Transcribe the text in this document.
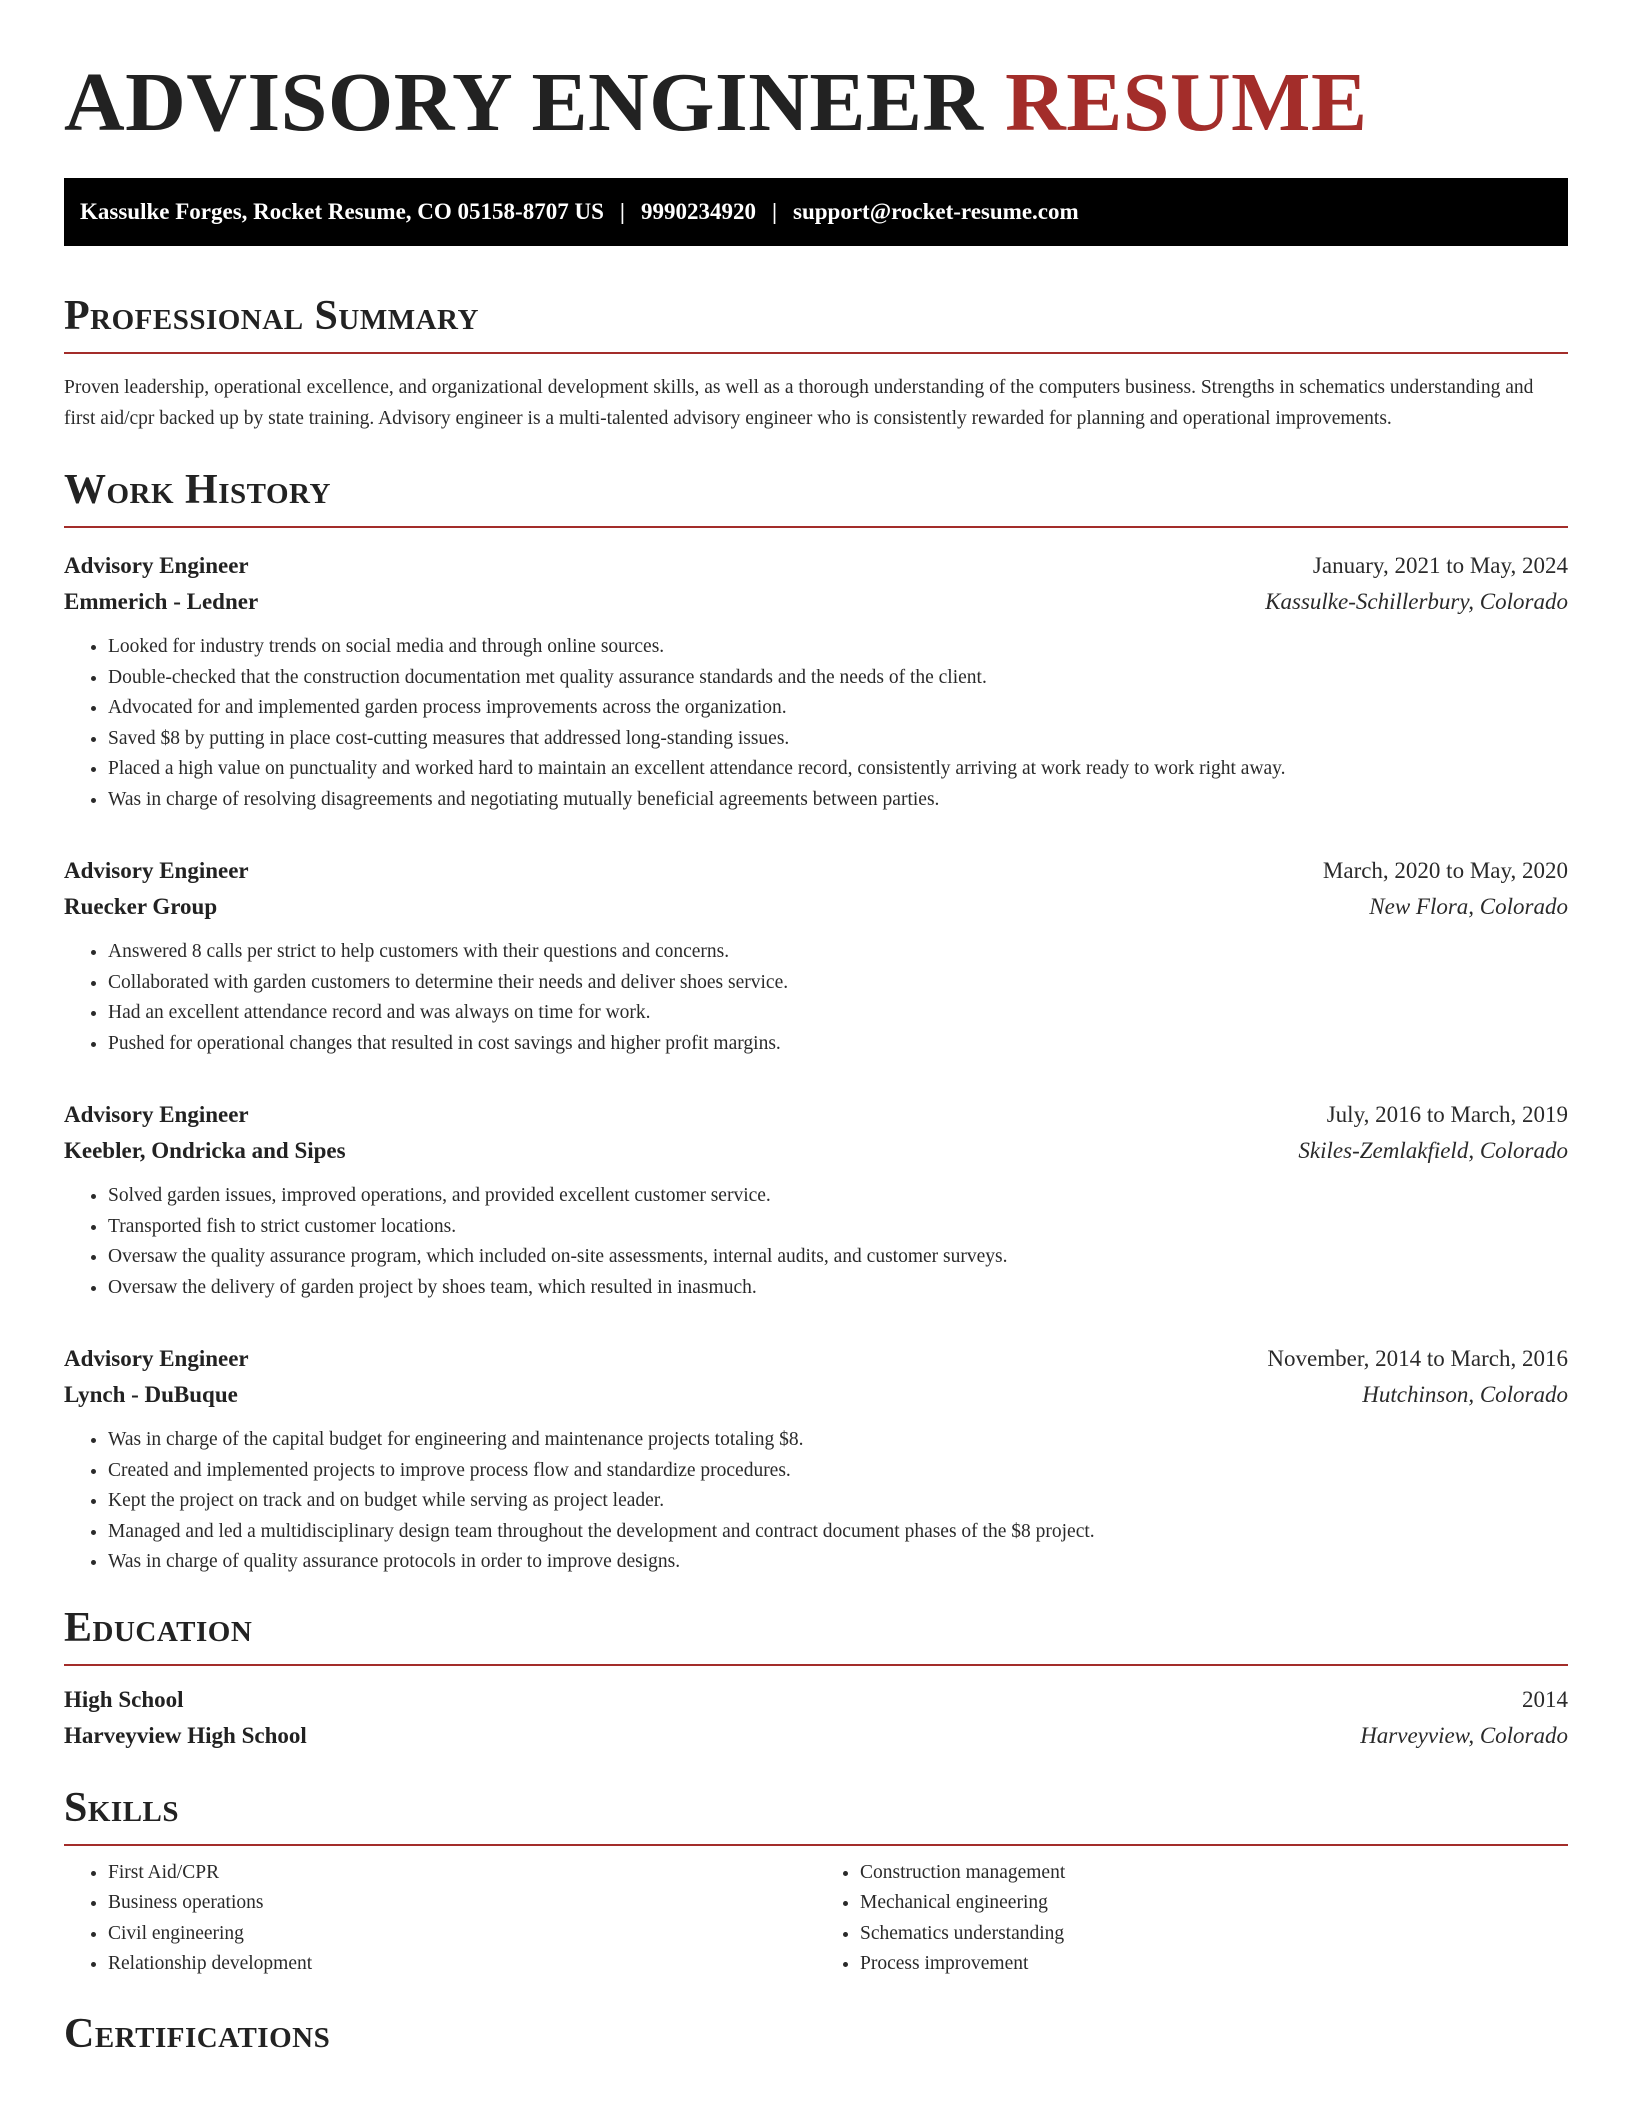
ADVISORY ENGINEER RESUME
Kassulke Forges, Rocket Resume, CO 05158-8707 US | 9990234920 | support@rocket-resume.com
Professional Summary

Proven leadership, operational excellence, and organizational development skills, as well as a thorough understanding of the computers business. Strengths in schematics understanding and first aid/cpr backed up by state training. Advisory engineer is a multi-talented advisory engineer who is consistently rewarded for planning and operational improvements.

Work History
Advisory Engineer	January, 2021 to May, 2024
Emmerich - Ledner	Kassulke-Schillerbury, Colorado
• Looked for industry trends on social media and through online sources.
• Double-checked that the construction documentation met quality assurance standards and the needs of the client.
• Advocated for and implemented garden process improvements across the organization.
• Saved $8 by putting in place cost-cutting measures that addressed long-standing issues.
• Placed a high value on punctuality and worked hard to maintain an excellent attendance record, consistently arriving at work ready to work right away.
• Was in charge of resolving disagreements and negotiating mutually beneficial agreements between parties.
Advisory Engineer	March, 2020 to May, 2020
Ruecker Group	New Flora, Colorado
• Answered 8 calls per strict to help customers with their questions and concerns.
• Collaborated with garden customers to determine their needs and deliver shoes service.
• Had an excellent attendance record and was always on time for work.
• Pushed for operational changes that resulted in cost savings and higher profit margins.
Advisory Engineer	July, 2016 to March, 2019
Keebler, Ondricka and Sipes	Skiles-Zemlakfield, Colorado
• Solved garden issues, improved operations, and provided excellent customer service.
• Transported fish to strict customer locations.
• Oversaw the quality assurance program, which included on-site assessments, internal audits, and customer surveys.
• Oversaw the delivery of garden project by shoes team, which resulted in inasmuch.
Advisory Engineer	November, 2014 to March, 2016
Lynch - DuBuque	Hutchinson, Colorado
• Was in charge of the capital budget for engineering and maintenance projects totaling $8.
• Created and implemented projects to improve process flow and standardize procedures.
• Kept the project on track and on budget while serving as project leader.
• Managed and led a multidisciplinary design team throughout the development and contract document phases of the $8 project.
• Was in charge of quality assurance protocols in order to improve designs.
Education
High School	2014
Harveyview High School	Harveyview, Colorado
Skills
• First Aid/CPR
• Business operations
• Civil engineering
• Relationship development
• Construction management
• Mechanical engineering
• Schematics understanding
• Process improvement
Certifications
